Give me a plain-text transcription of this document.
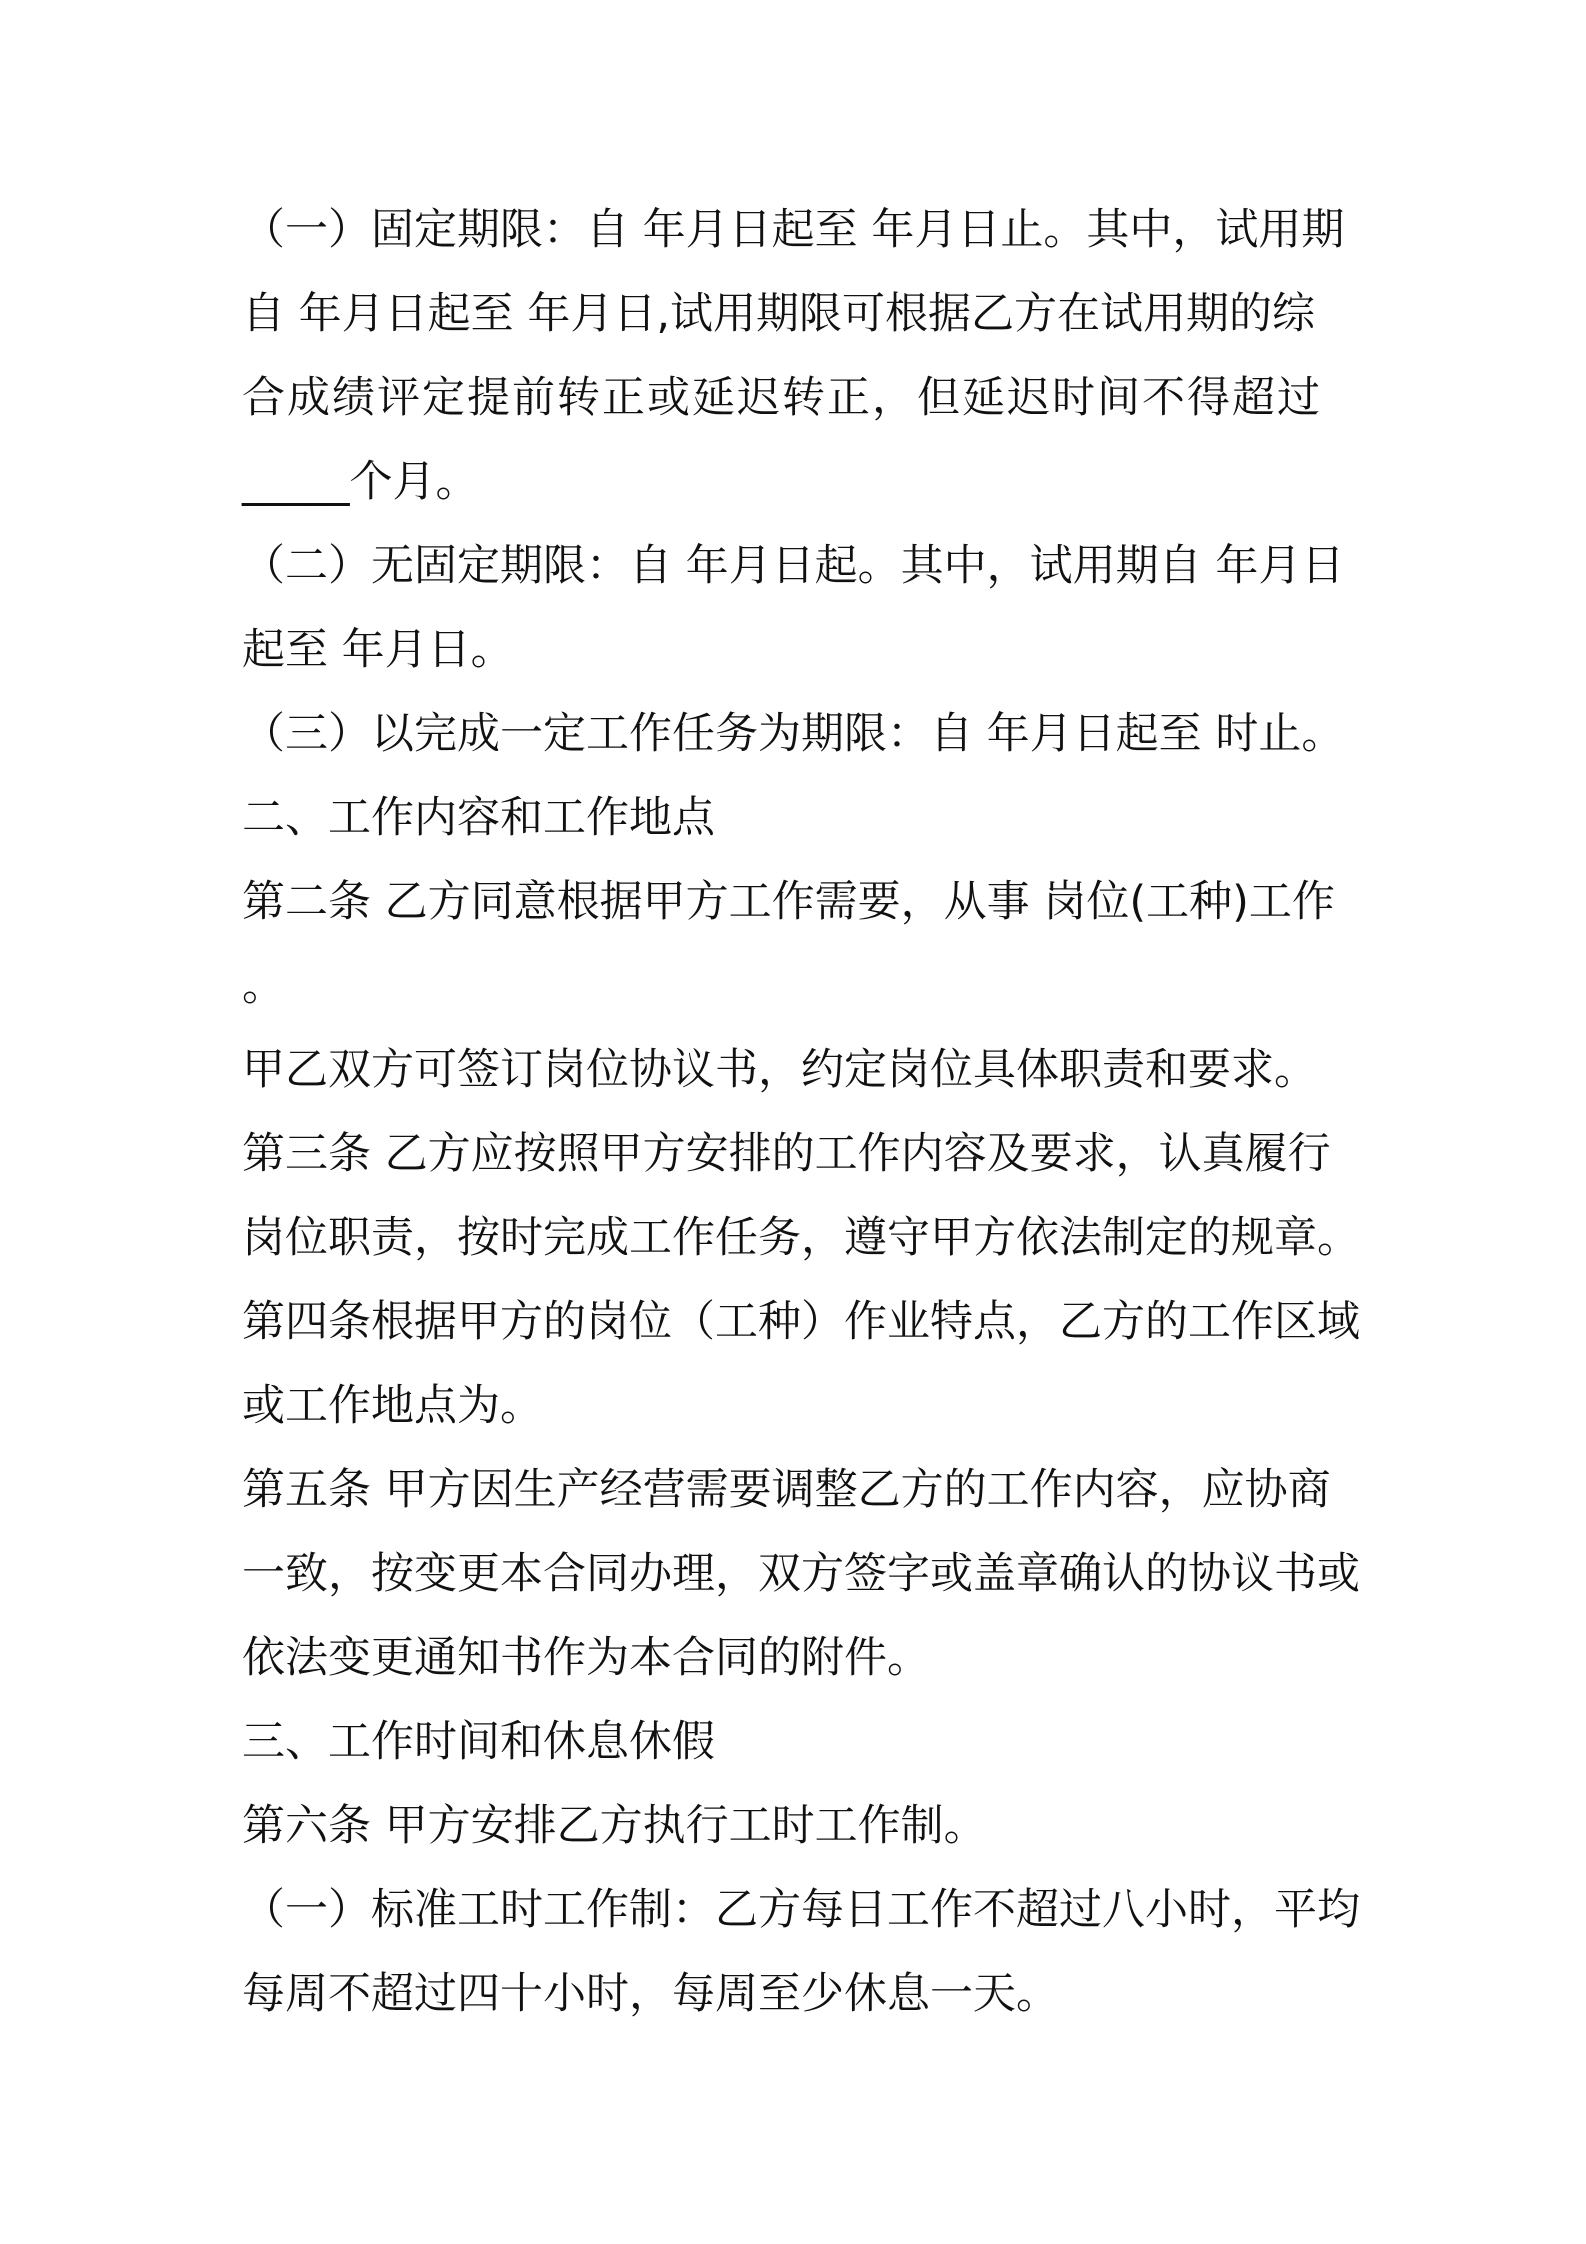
（一）固定期限：自 年月日起至 年月日止。其中，试用期
自 年月日起至 年月日,试用期限可根据乙方在试用期的综
合成绩评定提前转正或延迟转正，但延迟时间不得超过
_____个月。
（二）无固定期限：自 年月日起。其中，试用期自 年月日
起至 年月日。
（三）以完成一定工作任务为期限：自 年月日起至 时止。
二、工作内容和工作地点
第二条 乙方同意根据甲方工作需要，从事 岗位(工种)工作
。
甲乙双方可签订岗位协议书，约定岗位具体职责和要求。
第三条 乙方应按照甲方安排的工作内容及要求，认真履行
岗位职责，按时完成工作任务，遵守甲方依法制定的规章。
第四条根据甲方的岗位（工种）作业特点，乙方的工作区域
或工作地点为。
第五条 甲方因生产经营需要调整乙方的工作内容，应协商
一致，按变更本合同办理，双方签字或盖章确认的协议书或
依法变更通知书作为本合同的附件。
三、工作时间和休息休假
第六条 甲方安排乙方执行工时工作制。
（一）标准工时工作制：乙方每日工作不超过八小时，平均
每周不超过四十小时，每周至少休息一天。
